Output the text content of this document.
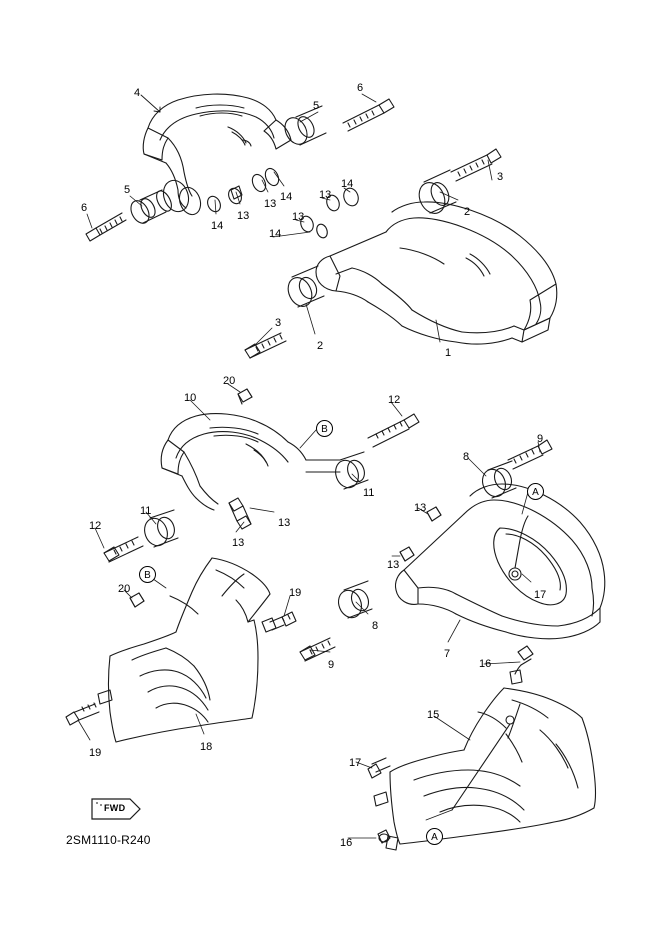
FWD
2SM1110-R240
4
5
6
3
2
5
6
14
13
13
14 13
14
13
14
1
2
3
20
10	12
11
13
13
11
12
8
9
13
17
13
7
8
9
19
20
19	18
16
15
17
16
B
B
A
A
